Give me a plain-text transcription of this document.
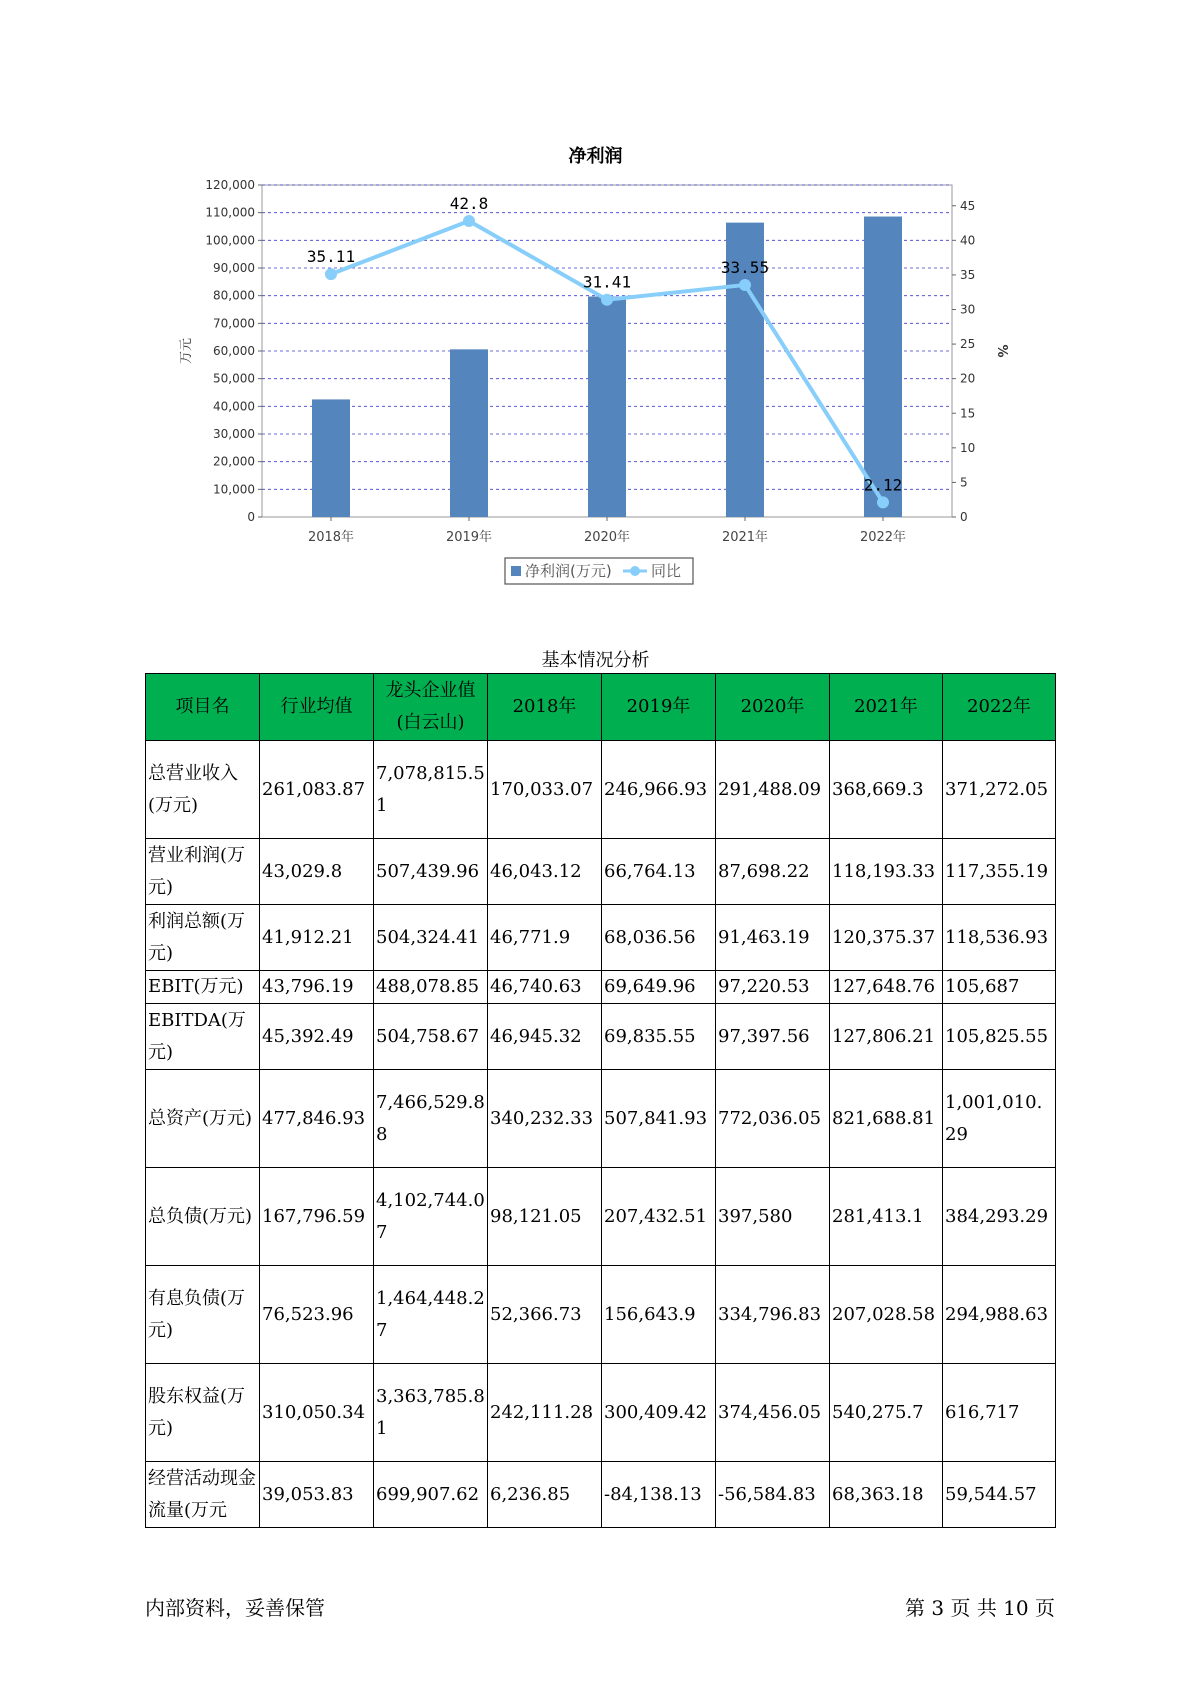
净利润
0
10,000
20,000
30,000
40,000
50,000
60,000
70,000
80,000
90,000
100,000
110,000
120,000
0
5
10
15
20
25
30
35
40
45
万元	%
2018年	2019年	2020年	2021年	2022年
35.11
42.8
31.41
33.55
2.12
净利润(万元)	同比
基本情况分析
项目名	行业均值	龙头企业值(白云山)	2018年	2019年	2020年	2021年	2022年
总营业收入(万元)	261,083.87	7,078,815.51	170,033.07	246,966.93	291,488.09	368,669.3	371,272.05
营业利润(万元)	43,029.8	507,439.96	46,043.12	66,764.13	87,698.22	118,193.33	117,355.19
利润总额(万元)	41,912.21	504,324.41	46,771.9	68,036.56	91,463.19	120,375.37	118,536.93
EBIT(万元)	43,796.19	488,078.85	46,740.63	69,649.96	97,220.53	127,648.76	105,687
EBITDA(万元)	45,392.49	504,758.67	46,945.32	69,835.55	97,397.56	127,806.21	105,825.55
总资产(万元)	477,846.93	7,466,529.88	340,232.33	507,841.93	772,036.05	821,688.81	1,001,010.29
总负债(万元)	167,796.59	4,102,744.07	98,121.05	207,432.51	397,580	281,413.1	384,293.29
有息负债(万元)	76,523.96	1,464,448.27	52,366.73	156,643.9	334,796.83	207,028.58	294,988.63
股东权益(万元)	310,050.34	3,363,785.81	242,111.28	300,409.42	374,456.05	540,275.7	616,717
经营活动现金流量(万元	39,053.83	699,907.62	6,236.85	-84,138.13	-56,584.83	68,363.18	59,544.57
内部资料，妥善保管	第 3 页 共 10 页
